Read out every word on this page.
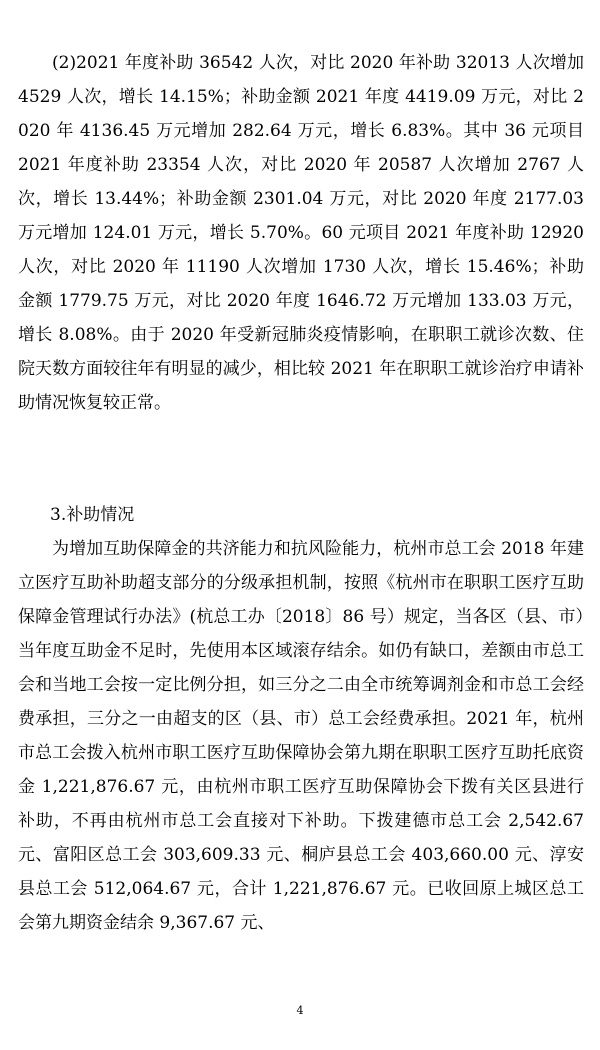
(2)2021 年度补助 36542 人次，对比 2020 年补助 32013 人次增加 4529 人次，增长 14.15%；补助金额 2021 年度 4419.09 万元，对比 2020 年 4136.45 万元增加 282.64 万元，增长 6.83%。其中 36 元项目 2021 年度补助 23354 人次，对比 2020 年 20587 人次增加 2767 人次，增长 13.44%；补助金额 2301.04 万元，对比 2020 年度 2177.03 万元增加 124.01 万元，增长 5.70%。60 元项目 2021 年度补助 12920 人次，对比 2020 年 11190 人次增加 1730 人次，增长 15.46%；补助金额 1779.75 万元，对比 2020 年度 1646.72 万元增加 133.03 万元，增长 8.08%。由于 2020 年受新冠肺炎疫情影响，在职职工就诊次数、住院天数方面较往年有明显的减少，相比较 2021 年在职职工就诊治疗申请补助情况恢复较正常。

3.补助情况

为增加互助保障金的共济能力和抗风险能力，杭州市总工会 2018 年建立医疗互助补助超支部分的分级承担机制，按照《杭州市在职职工医疗互助保障金管理试行办法》(杭总工办〔2018〕86 号）规定，当各区（县、市）当年度互助金不足时，先使用本区域滚存结余。如仍有缺口，差额由市总工会和当地工会按一定比例分担，如三分之二由全市统筹调剂金和市总工会经费承担，三分之一由超支的区（县、市）总工会经费承担。2021 年，杭州市总工会拨入杭州市职工医疗互助保障协会第九期在职职工医疗互助托底资金 1,221,876.67 元，由杭州市职工医疗互助保障协会下拨有关区县进行补助，不再由杭州市总工会直接对下补助。下拨建德市总工会 2,542.67 元、富阳区总工会 303,609.33 元、桐庐县总工会 403,660.00 元、淳安县总工会 512,064.67 元，合计 1,221,876.67 元。已收回原上城区总工会第九期资金结余 9,367.67 元、

4
